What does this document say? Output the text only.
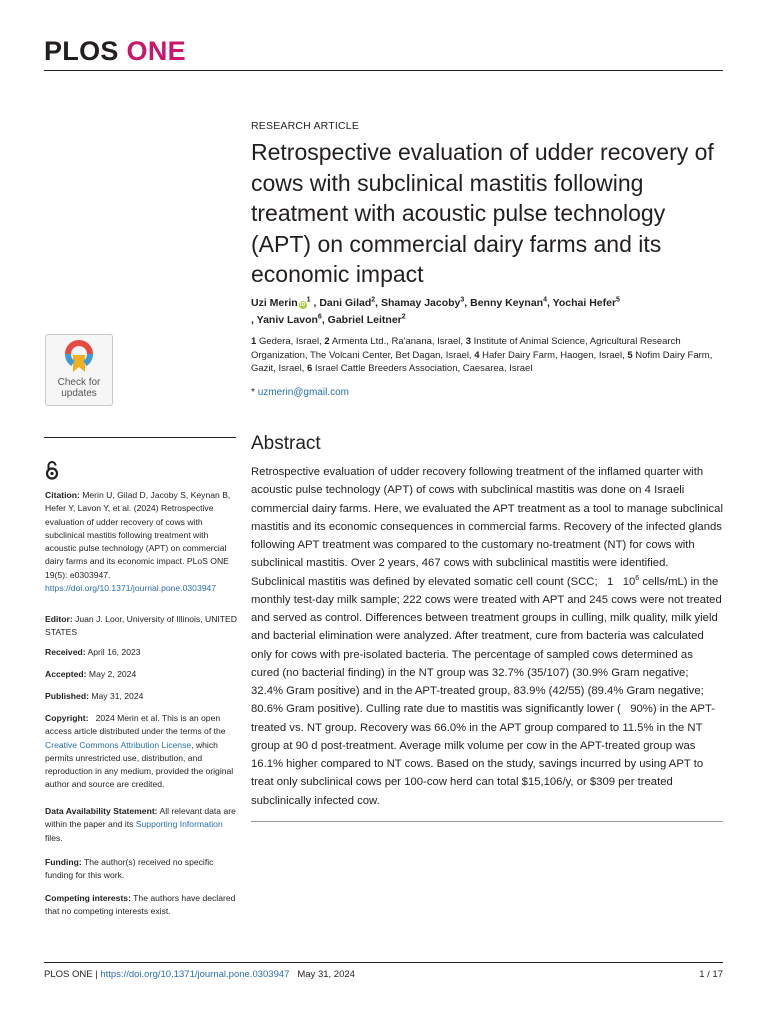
PLOS ONE
Check for
updates
RESEARCH ARTICLE
Retrospective evaluation of udder recovery of cows with subclinical mastitis following treatment with acoustic pulse technology (APT) on commercial dairy farms and its economic impact
Uzi Merin $iD^1$ , Dani Gilad$^2$, Shamay Jacoby$^3$, Benny Keynan$^4$, Yochai Hefer$^5$
, Yaniv Lavon$^6$, Gabriel Leitner$^2$
1 Gedera, Israel, 2 Armenta Ltd., Ra'anana, Israel, 3 Institute of Animal Science, Agricultural Research Organization, The Volcani Center, Bet Dagan, Israel, 4 Hafer Dairy Farm, Haogen, Israel, 5 Nofim Dairy Farm, Gazit, Israel, 6 Israel Cattle Breeders Association, Caesarea, Israel
* uzmerin@gmail.com
Abstract

Retrospective evaluation of udder recovery following treatment of the inflamed quarter with acoustic pulse technology (APT) of cows with subclinical mastitis was done on 4 Israeli commercial dairy farms. Here, we evaluated the APT treatment as a tool to manage subclinical mastitis and its economic consequences in commercial farms. Recovery of the infected glands following APT treatment was compared to the customary no-treatment (NT) for cows with subclinical mastitis. Over 2 years, 467 cows with subclinical mastitis were identified. Subclinical mastitis was defined by elevated somatic cell count (SCC;   1   $10^6$ cells/mL) in the monthly test-day milk sample; 222 cows were treated with APT and 245 cows were not treated and served as control. Differences between treatment groups in culling, milk quality, milk yield and bacterial elimination were analyzed. After treatment, cure from bacteria was calculated only for cows with pre-isolated bacteria. The percentage of sampled cows determined as cured (no bacterial finding) in the NT group was 32.7% (35/107) (30.9% Gram negative; 32.4% Gram positive) and in the APT-treated group, 83.9% (42/55) (89.4% Gram negative; 80.6% Gram positive). Culling rate due to mastitis was significantly lower (   90%) in the APT-treated vs. NT group. Recovery was 66.0% in the APT group compared to 11.5% in the NT group at 90 d post-treatment. Average milk volume per cow in the APT-treated group was 16.1% higher compared to NT cows. Based on the study, savings incurred by using APT to treat only subclinical cows per 100-cow herd can total $15,106/y, or $309 per treated subclinically infected cow.

Citation: Merin U, Gilad D, Jacoby S, Keynan B, Hefer Y, Lavon Y, et al. (2024) Retrospective evaluation of udder recovery of cows with subclinical mastitis following treatment with acoustic pulse technology (APT) on commercial dairy farms and its economic impact. PLoS ONE 19(5): e0303947. https://doi.org/10.1371/journal.pone.0303947
Editor: Juan J. Loor, University of Illinois, UNITED STATES
Received: April 16, 2023
Accepted: May 2, 2024
Published: May 31, 2024
Copyright:   2024 Merin et al. This is an open access article distributed under the terms of the Creative Commons Attribution License, which permits unrestricted use, distribution, and reproduction in any medium, provided the original author and source are credited.
Data Availability Statement: All relevant data are within the paper and its Supporting Information files.
Funding: The author(s) received no specific funding for this work.
Competing interests: The authors have declared that no competing interests exist.
PLOS ONE | https://doi.org/10.1371/journal.pone.0303947 May 31, 2024	1 / 17
